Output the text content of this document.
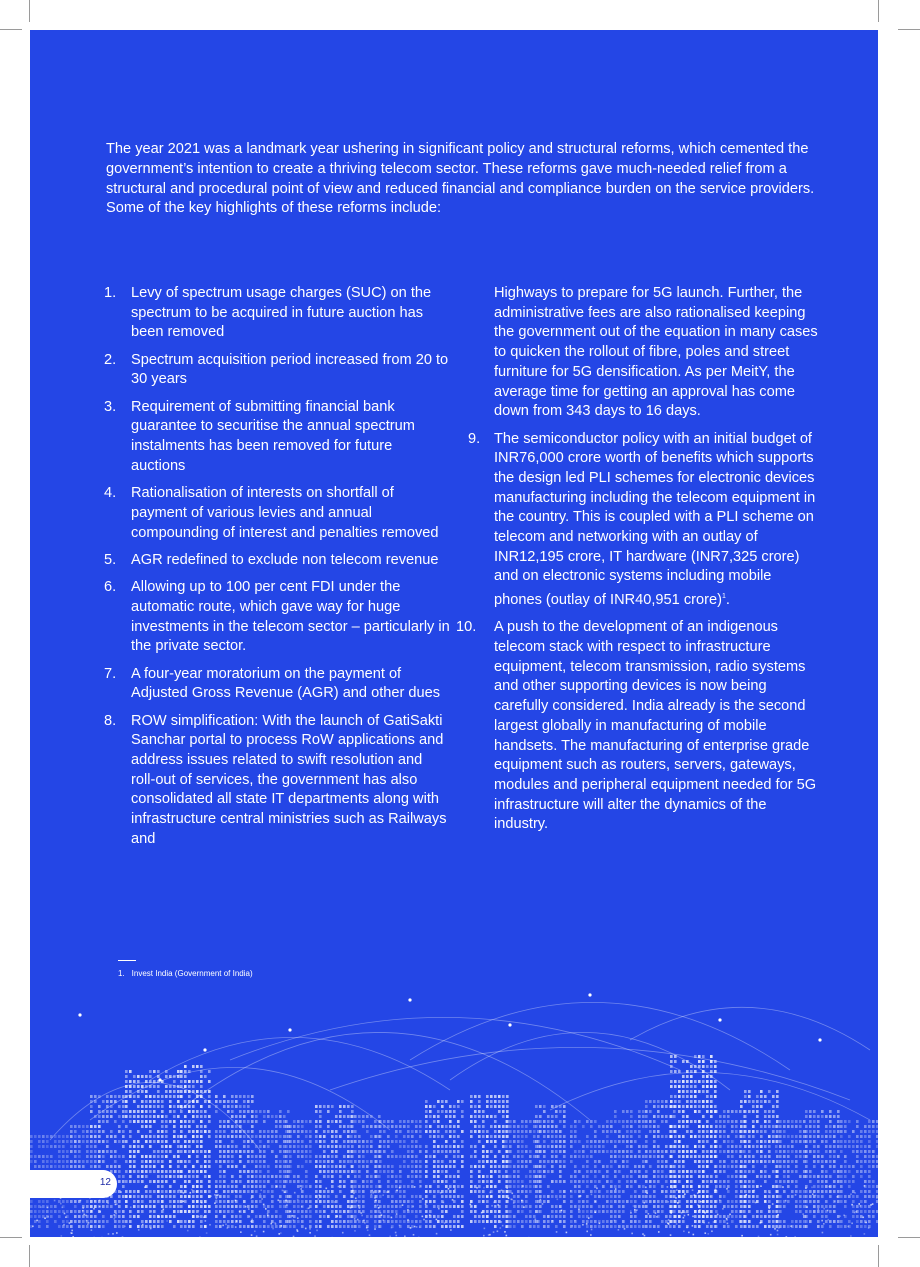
The year 2021 was a landmark year ushering in significant policy and structural reforms, which cemented the government’s intention to create a thriving telecom sector. These reforms gave much-needed relief from a structural and procedural point of view and reduced financial and compliance burden on the service providers. Some of the key highlights of these reforms include:

1. Levy of spectrum usage charges (SUC) on the spectrum to be acquired in future auction has been removed
2. Spectrum acquisition period increased from 20 to 30 years
3. Requirement of submitting financial bank guarantee to securitise the annual spectrum instalments has been removed for future auctions
4. Rationalisation of interests on shortfall of payment of various levies and annual compounding of interest and penalties removed
5. AGR redefined to exclude non telecom revenue
6. Allowing up to 100 per cent FDI under the automatic route, which gave way for huge investments in the telecom sector – particularly in the private sector.
7. A four-year moratorium on the payment of Adjusted Gross Revenue (AGR) and other dues
8. ROW simplification: With the launch of GatiSakti Sanchar portal to process RoW applications and address issues related to swift resolution and roll-out of services, the government has also consolidated all state IT departments along with infrastructure central ministries such as Railways and
Highways to prepare for 5G launch. Further, the administrative fees are also rationalised keeping the government out of the equation in many cases to quicken the rollout of fibre, poles and street furniture for 5G densification. As per MeitY, the average time for getting an approval has come down from 343 days to 16 days.
9. The semiconductor policy with an initial budget of INR76,000 crore worth of benefits which supports the design led PLI schemes for electronic devices manufacturing including the telecom equipment in the country. This is coupled with a PLI scheme on telecom and networking with an outlay of INR12,195 crore, IT hardware (INR7,325 crore) and on electronic systems including mobile phones (outlay of INR40,951 crore)$^1$.
10. A push to the development of an indigenous telecom stack with respect to infrastructure equipment, telecom transmission, radio systems and other supporting devices is now being carefully considered. India already is the second largest globally in manufacturing of mobile handsets. The manufacturing of enterprise grade equipment such as routers, servers, gateways, modules and peripheral equipment needed for 5G infrastructure will alter the dynamics of the industry.
1. Invest India (Government of India)
12
